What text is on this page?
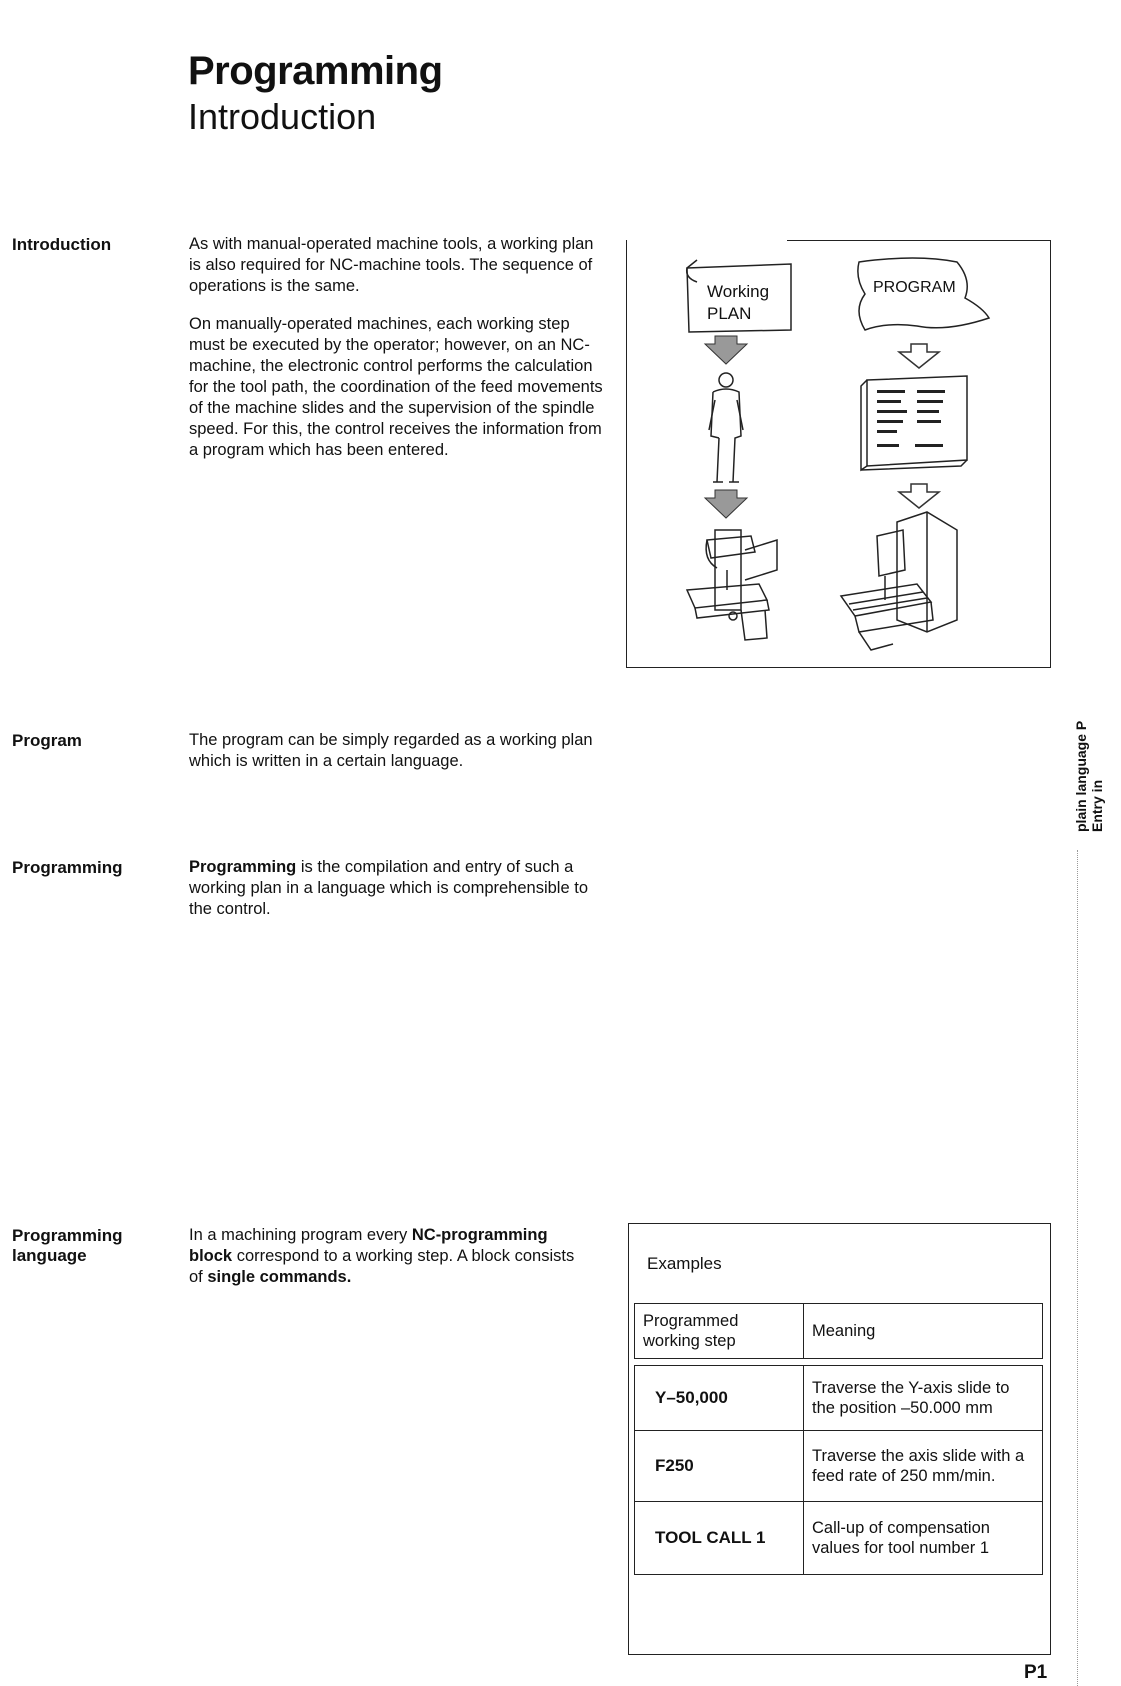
Programming
Introduction
Introduction	As with manual-operated machine tools, a working plan is also required for NC-machine tools. The sequence of operations is the same.

On manually-operated machines, each working step must be executed by the operator; however, on an NC-machine, the electronic control performs the calculation for the tool path, the coordination of the feed movements of the machine slides and the supervision of the spindle speed. For this, the control receives the information from a program which has been entered.

Working
PLAN
PROGRAM
Program	The program can be simply regarded as a working plan which is written in a certain language.
Programming	Programming is the compilation and entry of such a working plan in a language which is comprehensible to the control.
Programming
language
In a machining program every NC-programming block correspond to a working step. A block consists of single commands.
plain language P Entry in
Examples
Programmed working step	Meaning

Y–50,000	Traverse the Y-axis slide to the position –50.000 mm
F250	Traverse the axis slide with a feed rate of 250 mm/min.
TOOL CALL 1	Call-up of compensation values for tool number 1
P1
